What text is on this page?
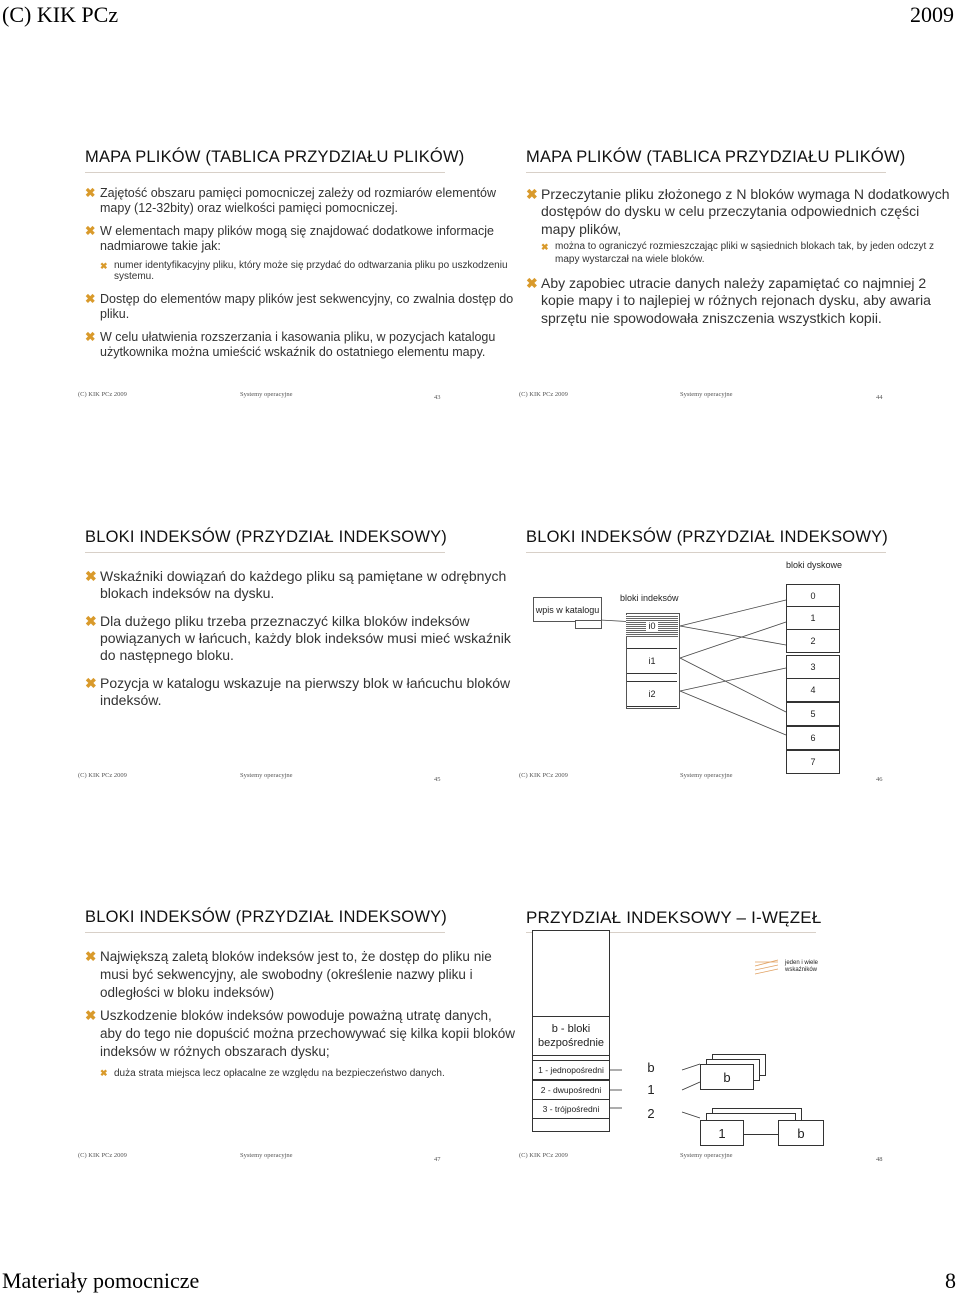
(C) KIK PCz	2009
Materiały pomocnicze	8
MAPA PLIKÓW (TABLICA PRZYDZIAŁU PLIKÓW)
✖ Zajętość obszaru pamięci pomocniczej zależy od rozmiarów elementów mapy (12-32bity) oraz wielkości pamięci pomocniczej.
✖ W elementach mapy plików mogą się znajdować dodatkowe informacje nadmiarowe takie jak:
✖ numer identyfikacyjny pliku, który może się przydać do odtwarzania pliku po uszkodzeniu systemu.
✖ Dostęp do elementów mapy plików jest sekwencyjny, co zwalnia dostęp do pliku.
✖ W celu ułatwienia rozszerzania i kasowania pliku, w pozycjach katalogu użytkownika można umieścić wskaźnik do ostatniego elementu mapy.
(C) KIK PCz 2009	Systemy operacyjne	43
MAPA PLIKÓW (TABLICA PRZYDZIAŁU PLIKÓW)
✖ Przeczytanie pliku złożonego z N bloków wymaga N dodatkowych dostępów do dysku w celu przeczytania odpowiednich części mapy plików,
✖ można to ograniczyć rozmieszczając pliki w sąsiednich blokach tak, by jeden odczyt z mapy wystarczał na wiele bloków.
✖ Aby zapobiec utracie danych należy zapamiętać co najmniej 2 kopie mapy i to najlepiej w różnych rejonach dysku, aby awaria sprzętu nie spowodowała zniszczenia wszystkich kopii.
(C) KIK PCz 2009	Systemy operacyjne	44
BLOKI INDEKSÓW (PRZYDZIAŁ INDEKSOWY)
✖ Wskaźniki dowiązań do każdego pliku są pamiętane w odrębnych blokach indeksów na dysku.
✖ Dla dużego pliku trzeba przeznaczyć kilka bloków indeksów powiązanych w łańcuch, każdy blok indeksów musi mieć wskaźnik do następnego bloku.
✖ Pozycja w katalogu wskazuje na pierwszy blok w łańcuchu bloków indeksów.
(C) KIK PCz 2009	Systemy operacyjne
45
BLOKI INDEKSÓW (PRZYDZIAŁ INDEKSOWY)
wpis w katalogu
bloki indeksów
i0
i1
i2
bloki dyskowe
0
1
2
3
4
5
6
7
(C) KIK PCz 2009	Systemy operacyjne
46
BLOKI INDEKSÓW (PRZYDZIAŁ INDEKSOWY)
✖ Największą zaletą bloków indeksów jest to, że dostęp do pliku nie musi być sekwencyjny, ale swobodny (określenie nazwy pliku i odległości w bloku indeksów)
✖ Uszkodzenie bloków indeksów powoduje poważną utratę danych, aby do tego nie dopuścić można przechowywać się kilka kopii bloków indeksów w różnych obszarach dysku;
✖ duża strata miejsca lecz opłacalne ze względu na bezpieczeństwo danych.
(C) KIK PCz 2009	Systemy operacyjne
47
PRZYDZIAŁ INDEKSOWY – I-WĘZEŁ
jeden i wiele wskaźników
b - bloki bezpośrednie
1 - jednopośredni
2 - dwupośredni
3 - trójpośredni
b
1
2
b
1	b
(C) KIK PCz 2009	Systemy operacyjne
48
